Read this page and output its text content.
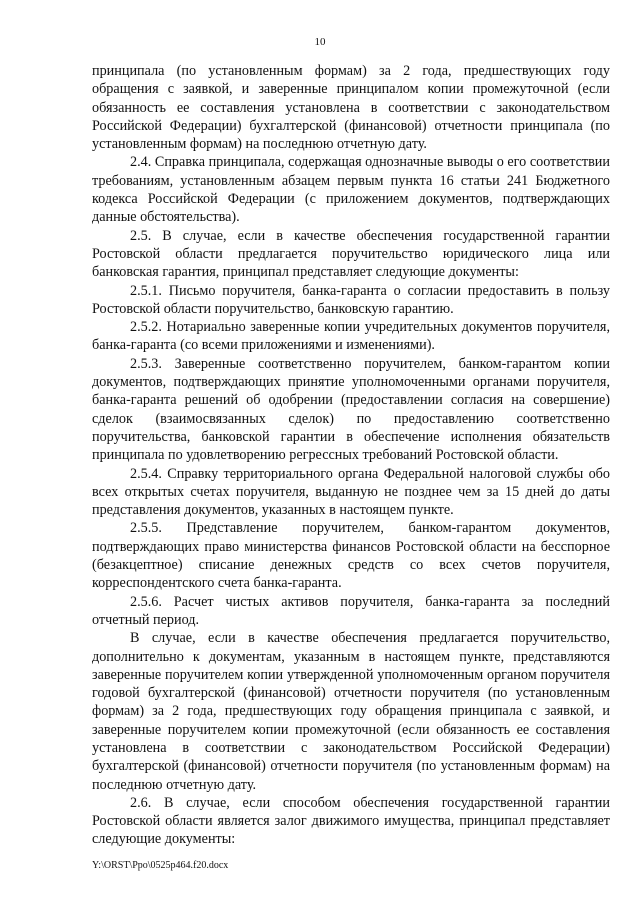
10

принципала (по установленным формам) за 2 года, предшествующих году обращения с заявкой, и заверенные принципалом копии промежуточной (если обязанность ее составления установлена в соответствии с законодательством Российской Федерации) бухгалтерской (финансовой) отчетности принципала (по установленным формам) на последнюю отчетную дату.

2.4. Справка принципала, содержащая однозначные выводы о его соответствии требованиям, установленным абзацем первым пункта 16 статьи 241 Бюджетного кодекса Российской Федерации (с приложением документов, подтверждающих данные обстоятельства).

2.5. В случае, если в качестве обеспечения государственной гарантии Ростовской области предлагается поручительство юридического лица или банковская гарантия, принципал представляет следующие документы:

2.5.1. Письмо поручителя, банка-гаранта о согласии предоставить в пользу Ростовской области поручительство, банковскую гарантию.

2.5.2. Нотариально заверенные копии учредительных документов поручителя, банка-гаранта (со всеми приложениями и изменениями).

2.5.3. Заверенные соответственно поручителем, банком-гарантом копии документов, подтверждающих принятие уполномоченными органами поручителя, банка-гаранта решений об одобрении (предоставлении согласия на совершение) сделок (взаимосвязанных сделок) по предоставлению соответственно поручительства, банковской гарантии в обеспечение исполнения обязательств принципала по удовлетворению регрессных требований Ростовской области.

2.5.4. Справку территориального органа Федеральной налоговой службы обо всех открытых счетах поручителя, выданную не позднее чем за 15 дней до даты представления документов, указанных в настоящем пункте.

2.5.5. Представление поручителем, банком-гарантом документов, подтверждающих право министерства финансов Ростовской области на бесспорное (безакцептное) списание денежных средств со всех счетов поручителя, корреспондентского счета банка-гаранта.

2.5.6. Расчет чистых активов поручителя, банка-гаранта за последний отчетный период.

В случае, если в качестве обеспечения предлагается поручительство, дополнительно к документам, указанным в настоящем пункте, представляются заверенные поручителем копии утвержденной уполномоченным органом поручителя годовой бухгалтерской (финансовой) отчетности поручителя (по установленным формам) за 2 года, предшествующих году обращения принципала с заявкой, и заверенные поручителем копии промежуточной (если обязанность ее составления установлена в соответствии с законодательством Российской Федерации) бухгалтерской (финансовой) отчетности поручителя (по установленным формам) на последнюю отчетную дату.

2.6. В случае, если способом обеспечения государственной гарантии Ростовской области является залог движимого имущества, принципал представляет следующие документы:

Y:\ORST\Ppo\0525p464.f20.docx
